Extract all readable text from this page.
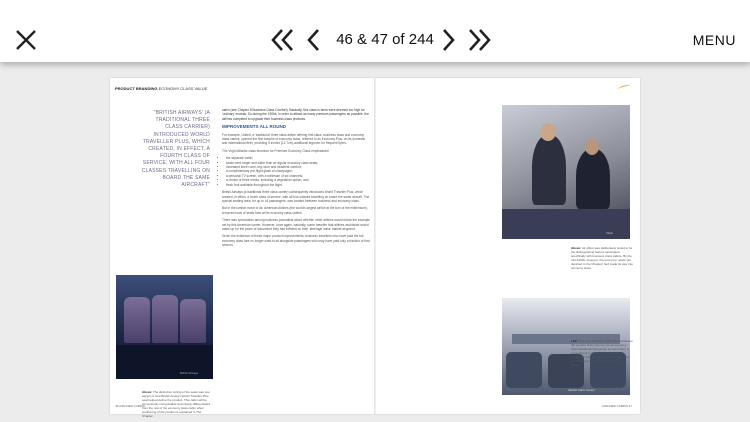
46 & 47 of 244	MENU
PRODUCT BRANDING ECONOMY CLASS VALUE
"BRITISH AIRWAYS' (A TRADITIONAL THREE CLASS CARRIER) INTRODUCED WORLD TRAVELLER PLUS, WHICH CREATED, IN EFFECT, A FOURTH CLASS OF SERVICE, WITH ALL FOUR CLASSES TRAVELLING ON BOARD THE SAME AIRCRAFT"

cabin (see Chapter 8 Business Class Comfort). Basically, this class is fares were deemed too high for 'ordinary' mortals. So during the 1990s, in order to attract as many premium passengers as possible, the airlines competed to upgrade their business class products.

IMPROVEMENTS ALL ROUND

For example, United, a 'traditional' three class airline offering first class, business class and economy class cabins, opened the first tranche of economy class, referred to as Economy Plus, on its domestic and international fleet, providing 5 inches (12.7cm) additional legroom for frequent flyers.

The Virgin Atlantic class structure for Premium Economy Class emphasised:

• the separate cabin;
• seats were larger and wider than at regular economy class seats;
• increased knee room, leg room and headrest comfort;
• a complimentary pre-flight glass of champagne;
• a personal TV screen, with a minimum of six channels;
• a choice of three meals, including a vegetarian option; and
• fresh fruit available throughout the flight.

British Airways (a traditional three class carrier) subsequently introduced World Traveller Plus, which created, in effect, a fourth class of service, with all four classes travelling on board the same aircraft. The special seating area, for up to 44 passengers, was located between business and economy class.

But in the lumbar move of all, American Airlines (the world's largest airline at the turn of the millennium), removed rows of seats from all its economy class cabins.

There was speculation among business journalists about whether other airlines would follow the example set by this American carrier. However, once again, naturally, some traveller that airlines worldwide would make up for the years of discomfort they had inflicted on their 'steerage class' market segment.

Given the existence of these major product improvements, business travellers who have paid the full economy class fare no longer want to sit alongside passengers who may have paid only a fraction of that amount.

British Airways
Above: The distinctive styling of the seats was one aspect of how British Airways World Traveller Plus seat helped define the product. This cabin will be conveniently recognisable and clearly differentiated from the rest of the economy class cabin when positioning of the product is explained in The Chapter.
46 AIRLINER CABINS
Virgin
Above: Air offers was deliberately styled to be the distinguishing feature associated specifically with business class cabins. By the mid-1990s, however, the economy 'seats' (as depicted in the Chapter) had made its way into economy class.
Atlantic Cabin Interior
Left: This new economy class cabin enhances the comfort that is the key for all economy class Residential Regional, as seen here, a commitment to a more spacious and passenger-friendly class. The arrangements are displayed in The Passenger Economy Class.
AIRLINER CABINS 47
